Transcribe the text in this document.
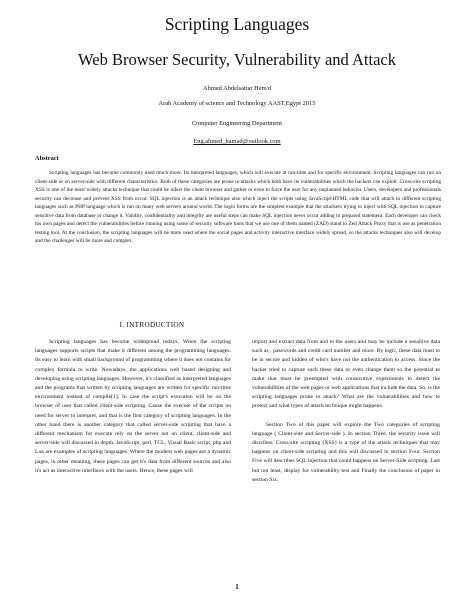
Scripting Languages
Web Browser Security, Vulnerability and Attack
Ahmed Abdelsattar Hem'd
Arab Academy of science and Technology AAST,Egypt 2015
Computer Engineering Department
Eng.ahmed_hamad@outlook.com
Abstract
Scripting languages has become commonly used much more. Its interpreted languages, which will execute at run-time and for specific environment. Scripting languages can run on client-side or on server-side with different characteristics. Both of these categories are prone to attacks which both have its vulnerabilities which the hackers can exploit. Cross-site scripting XSS is one of the most widely attacks technique that could be infect the client browser and gather or even to force the user for any unplanned behavior. Users, developers and professionals security can decrease and prevent XSS from occur. SQL injection is an attack technique also which inject the scripts using JavaScript\HTML code that will attach to different scripting languages such as PHP language which is run on many web servers around world. The login forms are the simplest example that the attackers trying to inject with SQL injection to capture sensitive data from database or change it. Validity, confidentiality and integrity are useful steps can make SQL injection never occur adding to prepared statement. Each developer can check his own pages and detect the vulnerabilities before running using some of security software tools that we use one of them named (ZAD) stand to Zed Attack Proxy that is use as penetration testing tool. At the conclusion, the scripting languages will be more used where the social pages and activity interactive interface widely spread, so the attacks techniques also will develop and the challenges will be more and complex.
I. INTRODUCTION

Scripting languages has become widespread todays. When the scripting languages supports scripts that make it different among the programming languages. Its easy to learn with small background of programming where it does not contains for complex formula to write. Nowadays, the applications web based designing and developing using scripting languages. However, it's classified as interpreted languages and the programs that written by scripting languages are written for specific run-time environment instead of compile[1]. In case the script's execution will be on the browser of user that called client-side scripting. Cause the execute of the scripts no need for server to interpret, and that is the first category of scripting languages. In the other hand there is another category that called server-side scripting that have a different mechanism for execute rely on the server not on client, client-side and server-side will discussed in depth. JavaScript, perl, TCL, Visual Basic script, php and Lua are examples of scripting languages. Where the modern web pages are a dynamic pages, in other meaning, these pages can get it's data from different sources and also it's act as interactive interfaces with the users. Hence, these pages will

import and extract data from and to the users and may be include a sensitive data such as , passwords and credit card number and more. By logic, these data must to be in secure and hidden of who's have not the authentication to access. Since the hacker tried to capture such these data or even change them so the potential to make that must be preempted with consecutive experiments to detect the vulnerabilities of the web pages or web applications that include the data. So, is the scripting languages prone to attack? What are the vulnerabilities and how to protect and what types of attack technique might happens.

Section Two of this paper will explore the Two categories of scripting language ( Client-side and Server-side ). In section Three, the security issue will discribes. Cross-site scripting (XSS) is a type of the attack techniques that may happens on client-side scripting and this will discussed in section Four. Section Five will describes SQL injection that could happens on Server-Side scripting. Last but not least, display for vulnerability test and Finally the conclusion of paper in section Six.

1
